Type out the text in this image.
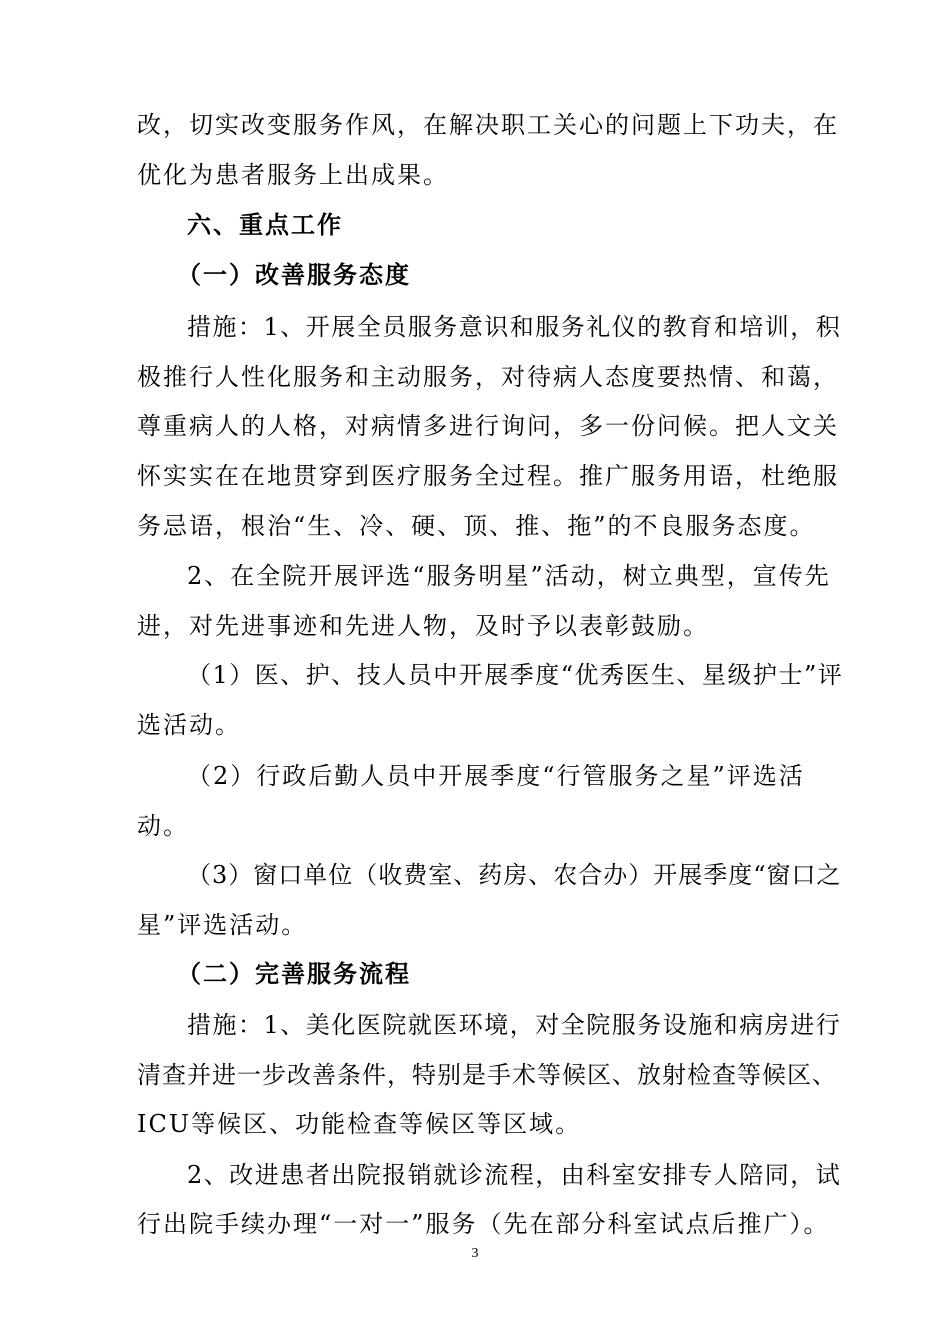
改，切实改变服务作风，在解决职工关心的问题上下功夫，在
优化为患者服务上出成果。
六、重点工作
（一）改善服务态度
措施：1、开展全员服务意识和服务礼仪的教育和培训，积
极推行人性化服务和主动服务，对待病人态度要热情、和蔼，
尊重病人的人格，对病情多进行询问，多一份问候。把人文关
怀实实在在地贯穿到医疗服务全过程。推广服务用语，杜绝服
务忌语，根治“生、冷、硬、顶、推、拖”的不良服务态度。
2、在全院开展评选“服务明星”活动，树立典型，宣传先
进，对先进事迹和先进人物，及时予以表彰鼓励。
（1）医、护、技人员中开展季度“优秀医生、星级护士”评
选活动。
（2）行政后勤人员中开展季度“行管服务之星”评选活
动。
（3）窗口单位（收费室、药房、农合办）开展季度“窗口之
星”评选活动。
（二）完善服务流程
措施：1、美化医院就医环境，对全院服务设施和病房进行
清查并进一步改善条件，特别是手术等候区、放射检查等候区、
ICU等候区、功能检查等候区等区域。
2、改进患者出院报销就诊流程，由科室安排专人陪同，试
行出院手续办理“一对一”服务（先在部分科室试点后推广）。
3
